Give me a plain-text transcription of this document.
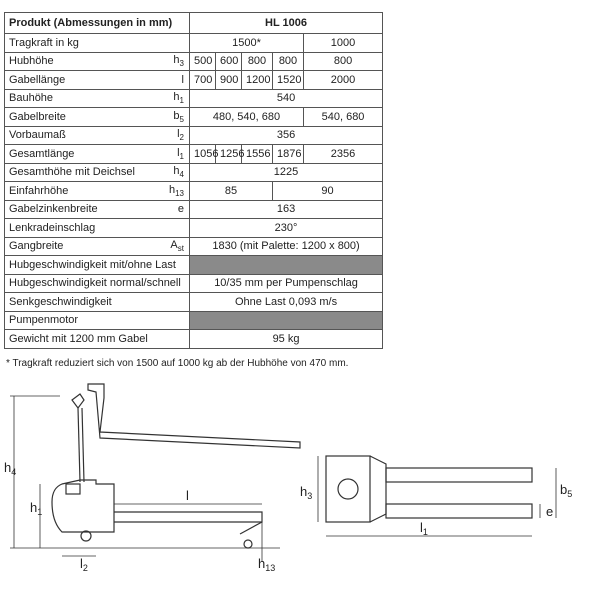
Produkt (Abmessungen in mm)	HL 1006				
Tragkraft in kg	1500*				1000
Hubhöhe $h_3$	500	600	800	800	800
Gabellänge l	700	900	1200	1520	2000
Bauhöhe $h_1$	540				
Gabelbreite $b_5$	480, 540, 680				540, 680
Vorbaumaß $l_2$	356				
Gesamtlänge $l_1$	1056	1256	1556	1876	2356
Gesamthöhe mit Deichsel $h_4$	1225				
Einfahrhöhe $h_{13}$	85			90	
Gabelzinkenbreite e	163				
Lenkradeinschlag	230°				
Gangbreite $A_{st}$	1830 (mit Palette: 1200 x 800)				
Hubgeschwindigkeit mit/ohne Last					
Hubgeschwindigkeit normal/schnell	10/35 mm per Pumpenschlag				
Senkgeschwindigkeit	Ohne Last 0,093 m/s				
Pumpenmotor					
Gewicht mit 1200 mm Gabel	95 kg				
* Tragkraft reduziert sich von 1500 auf 1000 kg ab der Hubhöhe von 470 mm.
$h_4$
$h_1$
l
$l_2$	$h_{13}$
$h_3$	$b_5$
e
$l_1$
